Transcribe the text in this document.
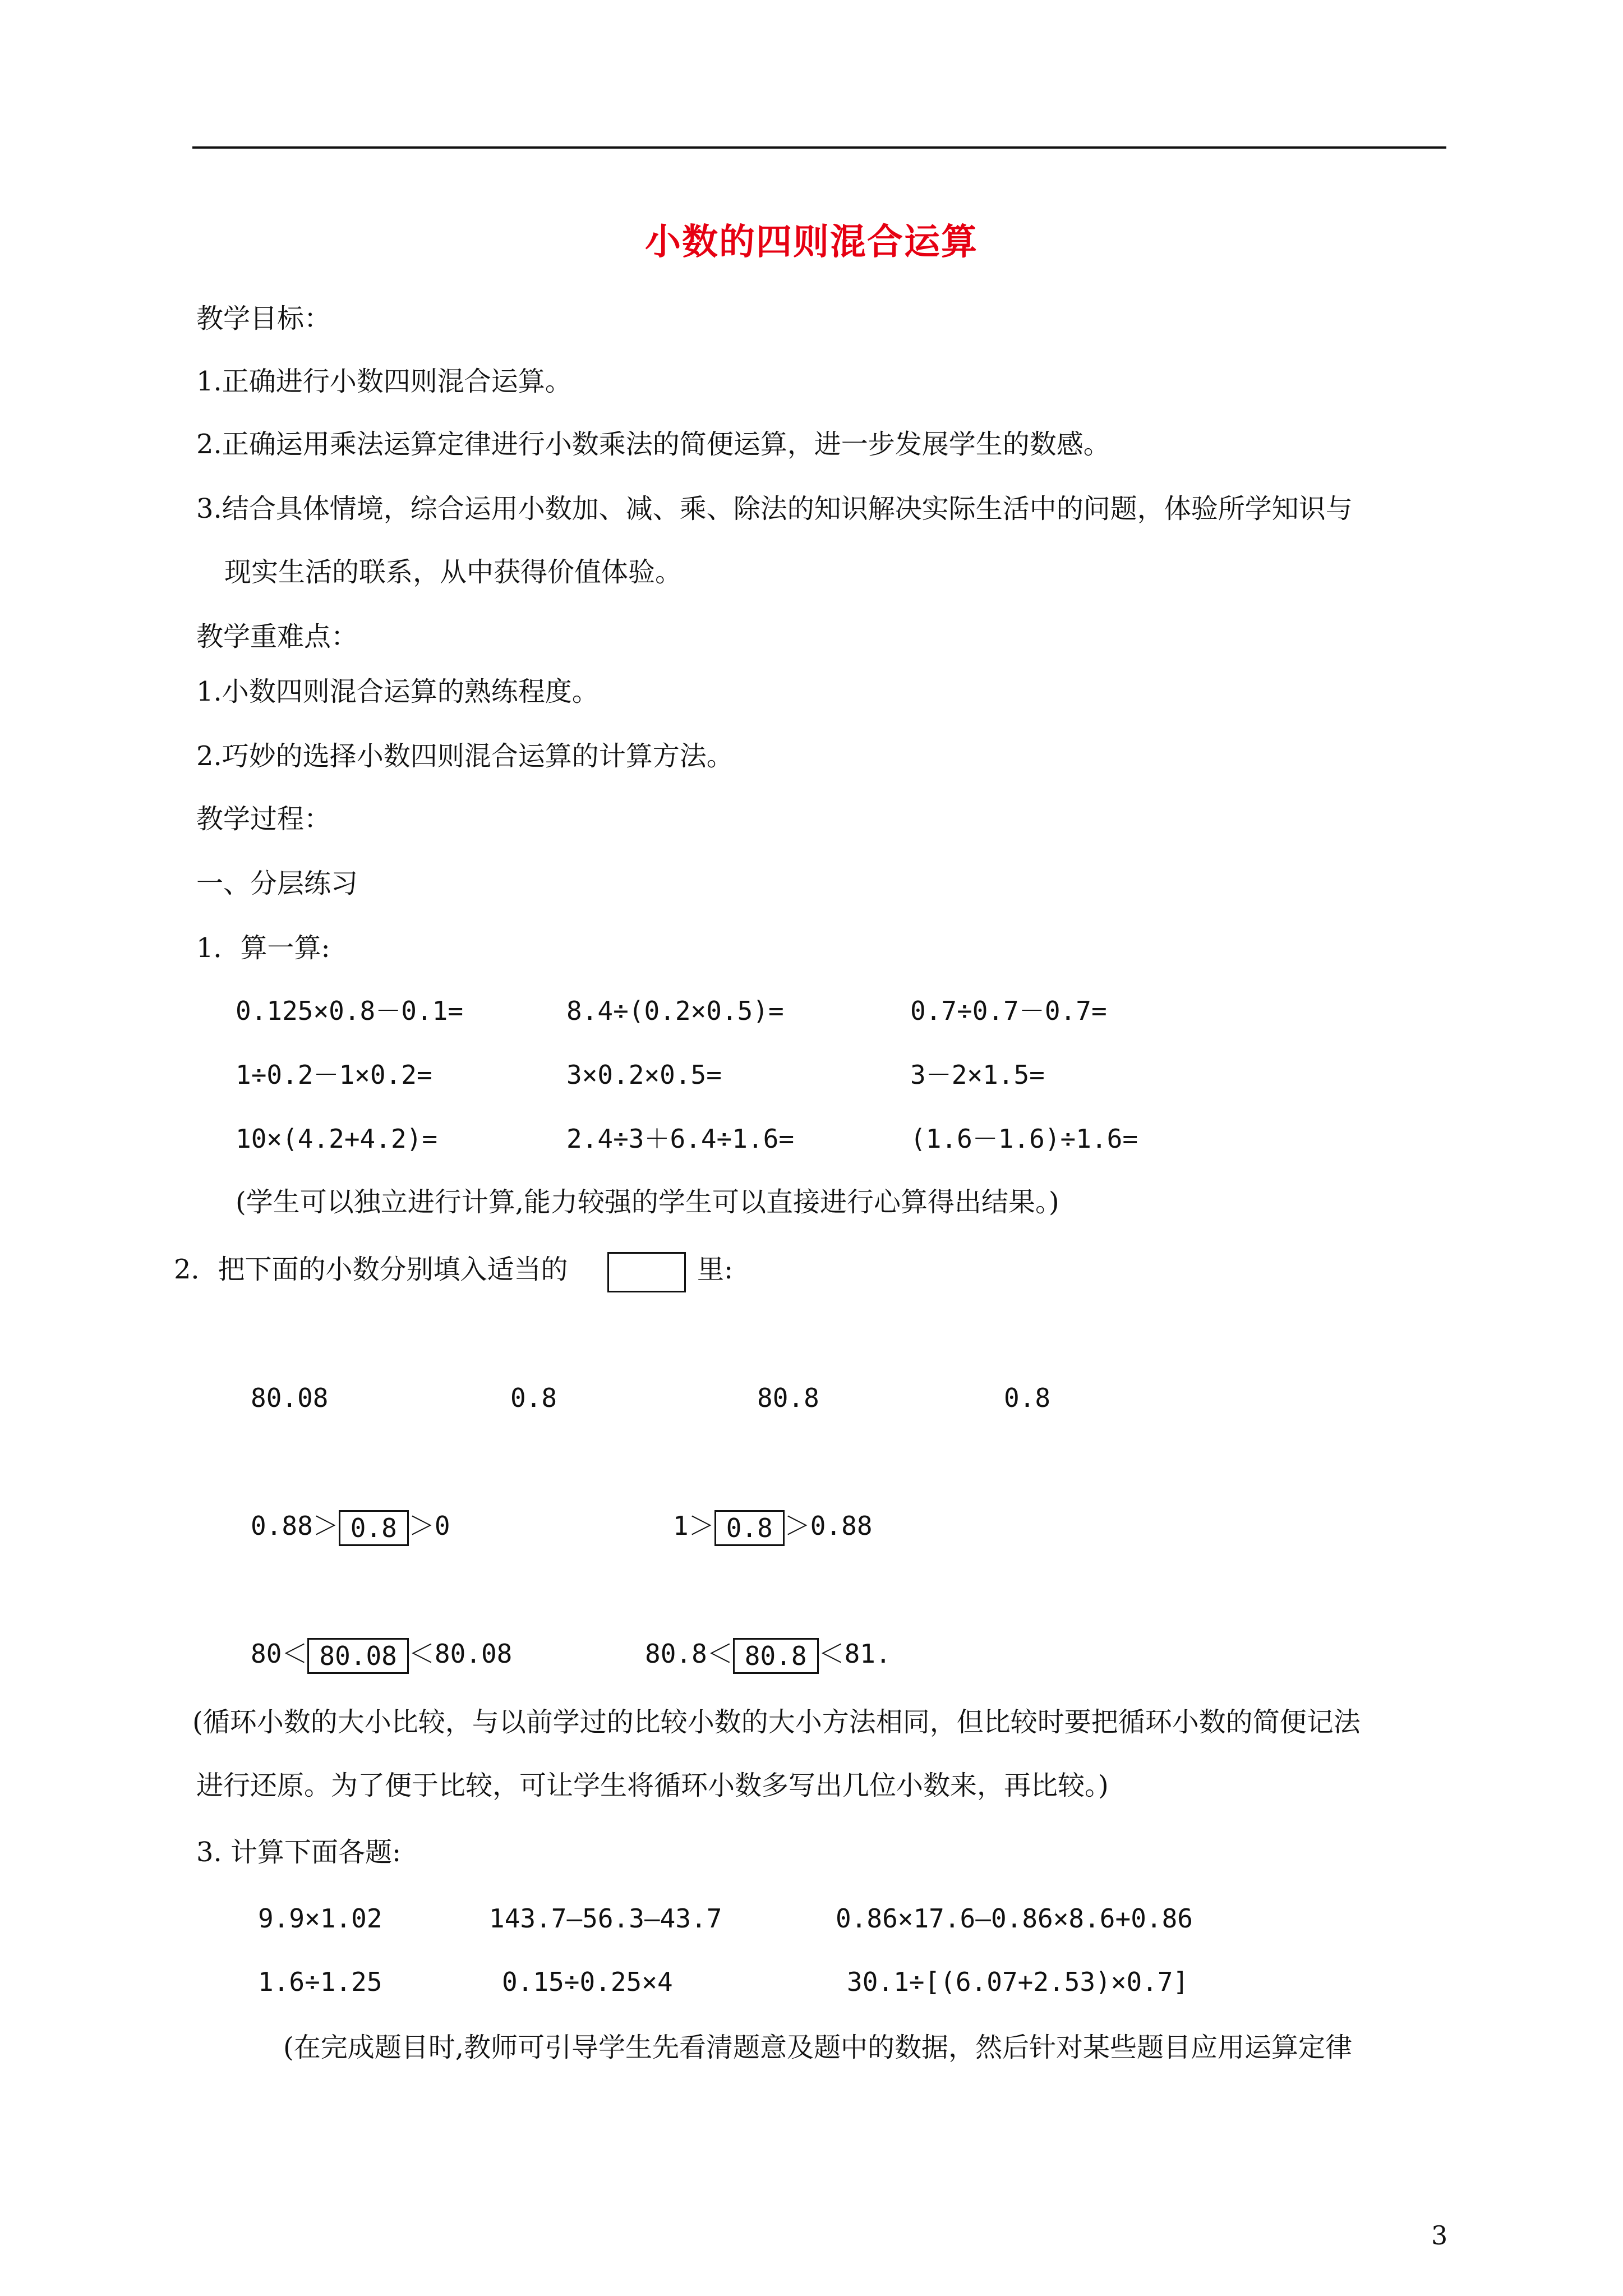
小数的四则混合运算
教学目标：
1.正确进行小数四则混合运算。
2.正确运用乘法运算定律进行小数乘法的简便运算，进一步发展学生的数感。
3.结合具体情境，综合运用小数加、减、乘、除法的知识解决实际生活中的问题，体验所学知识与
现实生活的联系，从中获得价值体验。
教学重难点：
1.小数四则混合运算的熟练程度。
2.巧妙的选择小数四则混合运算的计算方法。
教学过程：
一、分层练习
1．算一算:
0.125×0.8－0.1=	8.4÷(0.2×0.5)=	0.7÷0.7－0.7=
1÷0.2－1×0.2=	3×0.2×0.5=	3－2×1.5=
10×(4.2+4.2)=	2.4÷3＋6.4÷1.6=	(1.6－1.6)÷1.6=
(学生可以独立进行计算,能力较强的学生可以直接进行心算得出结果。)
2．把下面的小数分别填入适当的	里:
80.08	0.8	80.8	0.8
0.88＞ 0.8 ＞0	1＞ 0.8 ＞0.88
80＜ 80.08 ＜80.08	80.8＜ 80.8 ＜81.
(循环小数的大小比较，与以前学过的比较小数的大小方法相同，但比较时要把循环小数的简便记法
进行还原。为了便于比较，可让学生将循环小数多写出几位小数来，再比较。)
3. 计算下面各题:
9.9×1.02	143.7–56.3–43.7	0.86×17.6–0.86×8.6+0.86
1.6÷1.25	0.15÷0.25×4	30.1÷[(6.07+2.53)×0.7]
(在完成题目时,教师可引导学生先看清题意及题中的数据，然后针对某些题目应用运算定律
3
